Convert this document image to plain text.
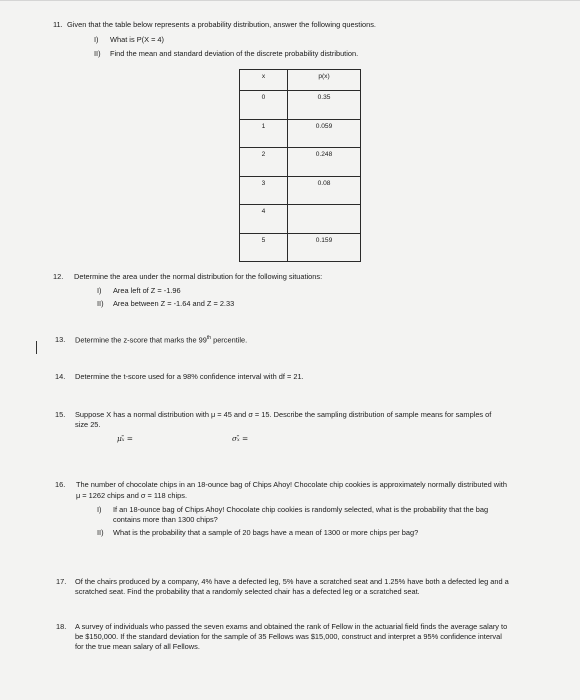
11. Given that the table below represents a probability distribution, answer the following questions.
I) What is P(X = 4)
II) Find the mean and standard deviation of the discrete probability distribution.
x	p(x)
0	0.35
1	0.059
2	0.248
3	0.08
4	
5	0.159
12. Determine the area under the normal distribution for the following situations:
I) Area left of Z = -1.96
II) Area between Z = -1.64 and Z = 2.33
13. Determine the z-score that marks the 99th percentile.
14. Determine the t-score used for a 98% confidence interval with df = 21.
15. Suppose X has a normal distribution with μ = 45 and σ = 15. Describe the sampling distribution of sample means for samples of
size 25.
μₓ̄ =	σₓ̄ =
16. The number of chocolate chips in an 18-ounce bag of Chips Ahoy! Chocolate chip cookies is approximately normally distributed with
μ = 1262 chips and σ = 118 chips.
I) If an 18-ounce bag of Chips Ahoy! Chocolate chip cookies is randomly selected, what is the probability that the bag
contains more than 1300 chips?
II) What is the probability that a sample of 20 bags have a mean of 1300 or more chips per bag?
17. Of the chairs produced by a company, 4% have a defected leg, 5% have a scratched seat and 1.25% have both a defected leg and a
scratched seat. Find the probability that a randomly selected chair has a defected leg or a scratched seat.
18. A survey of individuals who passed the seven exams and obtained the rank of Fellow in the actuarial field finds the average salary to
be $150,000. If the standard deviation for the sample of 35 Fellows was $15,000, construct and interpret a 95% confidence interval
for the true mean salary of all Fellows.
